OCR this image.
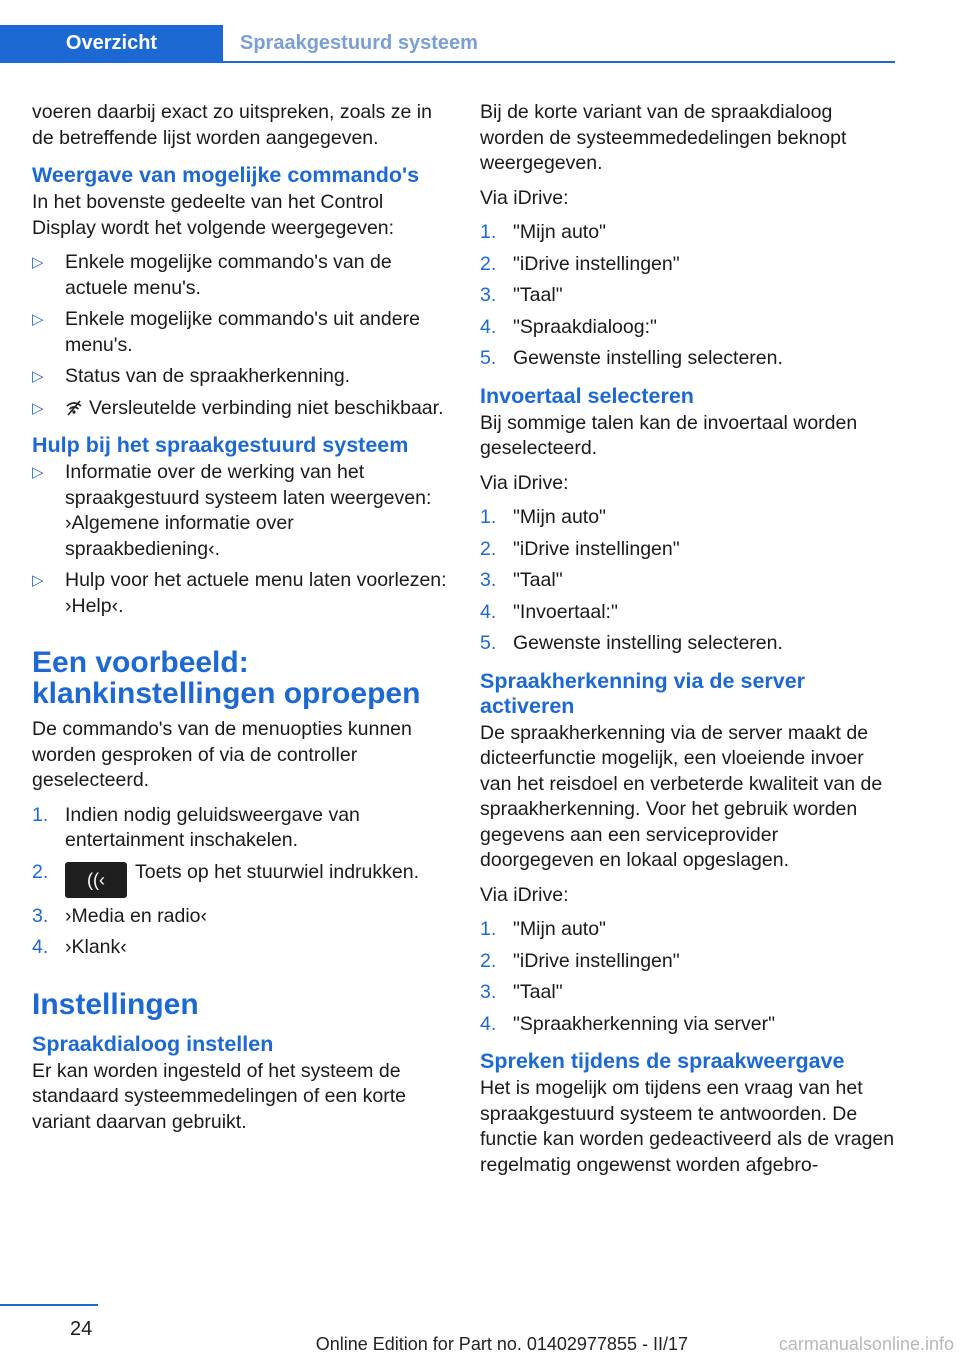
Overzicht	Spraakgestuurd systeem

voeren daarbij exact zo uitspreken, zoals ze in de betreffende lijst worden aangegeven.

Weergave van mogelijke commando's

In het bovenste gedeelte van het Control Display wordt het volgende weergegeven:

▷ Enkele mogelijke commando's van de actuele menu's.
▷ Enkele mogelijke commando's uit andere menu's.
▷ Status van de spraakherkenning.
▷ Versleutelde verbinding niet beschikbaar.
Hulp bij het spraakgestuurd systeem
▷ Informatie over de werking van het spraakgestuurd systeem laten weergeven: ›Algemene informatie over spraakbediening‹.
▷ Hulp voor het actuele menu laten voorlezen: ›Help‹.
Een voorbeeld: klankinstellingen oproepen

De commando's van de menuopties kunnen worden gesproken of via de controller geselecteerd.

1. Indien nodig geluidsweergave van entertainment inschakelen.
2. ((‹ Toets op het stuurwiel indrukken.
3. ›Media en radio‹
4. ›Klank‹
Instellingen
Spraakdialoog instellen

Er kan worden ingesteld of het systeem de standaard systeemmedelingen of een korte variant daarvan gebruikt.

Bij de korte variant van de spraakdialoog worden de systeemmededelingen beknopt weergegeven.

Via iDrive:

1. "Mijn auto"
2. "iDrive instellingen"
3. "Taal"
4. "Spraakdialoog:"
5. Gewenste instelling selecteren.
Invoertaal selecteren

Bij sommige talen kan de invoertaal worden geselecteerd.

Via iDrive:

1. "Mijn auto"
2. "iDrive instellingen"
3. "Taal"
4. "Invoertaal:"
5. Gewenste instelling selecteren.
Spraakherkenning via de server activeren

De spraakherkenning via de server maakt de dicteerfunctie mogelijk, een vloeiende invoer van het reisdoel en verbeterde kwaliteit van de spraakherkenning. Voor het gebruik worden gegevens aan een serviceprovider doorgegeven en lokaal opgeslagen.

Via iDrive:

1. "Mijn auto"
2. "iDrive instellingen"
3. "Taal"
4. "Spraakherkenning via server"
Spreken tijdens de spraakweergave

Het is mogelijk om tijdens een vraag van het spraakgestuurd systeem te antwoorden. De functie kan worden gedeactiveerd als de vragen regelmatig ongewenst worden afgebro-

24
Online Edition for Part no. 01402977855 - II/17	carmanualsonline.info
